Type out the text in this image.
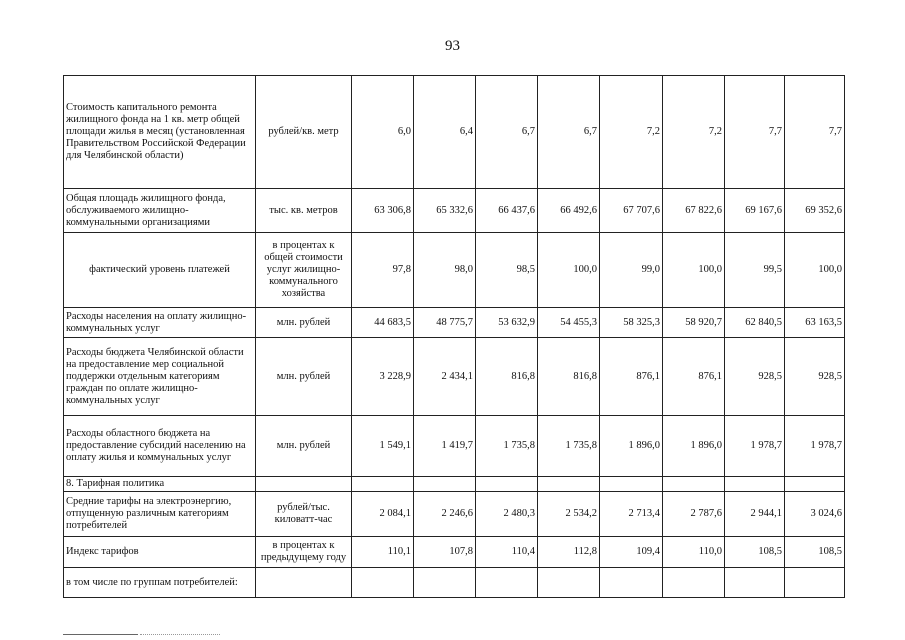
93
Стоимость капитального ремонта жилищного фонда на 1 кв. метр общей площади жилья в месяц (установленная Правительством Российской Федерации для Челябинской области)	рублей/кв. метр	6,0	6,4	6,7	6,7	7,2	7,2	7,7	7,7
Общая площадь жилищного фонда, обслуживаемого жилищно-коммунальными организациями	тыс. кв. метров	63 306,8	65 332,6	66 437,6	66 492,6	67 707,6	67 822,6	69 167,6	69 352,6
фактический уровень платежей	в процентах к общей стоимости услуг жилищно-коммунального хозяйства	97,8	98,0	98,5	100,0	99,0	100,0	99,5	100,0
Расходы населения на оплату жилищно-коммунальных услуг	млн. рублей	44 683,5	48 775,7	53 632,9	54 455,3	58 325,3	58 920,7	62 840,5	63 163,5
Расходы бюджета Челябинской области на предоставление мер социальной поддержки отдельным категориям граждан по оплате жилищно-коммунальных услуг	млн. рублей	3 228,9	2 434,1	816,8	816,8	876,1	876,1	928,5	928,5
Расходы областного бюджета на предоставление субсидий населению на оплату жилья и коммунальных услуг	млн. рублей	1 549,1	1 419,7	1 735,8	1 735,8	1 896,0	1 896,0	1 978,7	1 978,7
8. Тарифная политика									
Средние тарифы на электроэнергию, отпущенную различным категориям потребителей	рублей/тыс. киловатт-час	2 084,1	2 246,6	2 480,3	2 534,2	2 713,4	2 787,6	2 944,1	3 024,6
Индекс тарифов	в процентах к предыдущему году	110,1	107,8	110,4	112,8	109,4	110,0	108,5	108,5
в том числе по группам потребителей:									
